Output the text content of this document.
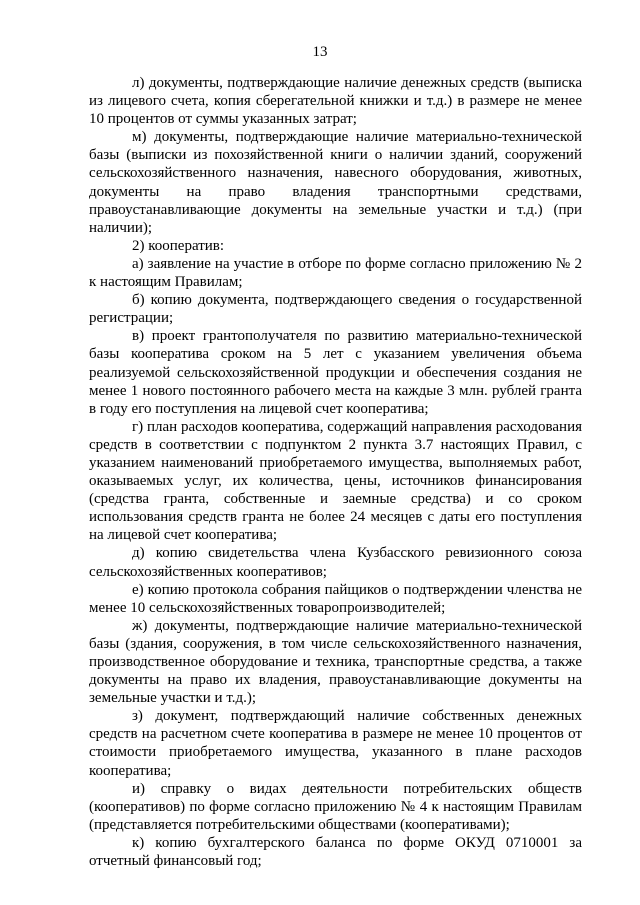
13

л) документы, подтверждающие наличие денежных средств (выписка из лицевого счета, копия сберегательной книжки и т.д.) в размере не менее 10 процентов от суммы указанных затрат;

м) документы, подтверждающие наличие материально-технической базы (выписки из похозяйственной книги о наличии зданий, сооружений сельскохозяйственного назначения, навесного оборудования, животных, документы на право владения транспортными средствами, правоустанавливающие документы на земельные участки и т.д.) (при наличии);

2) кооператив:

а) заявление на участие в отборе по форме согласно приложению № 2 к настоящим Правилам;

б) копию документа, подтверждающего сведения о государственной регистрации;

в) проект грантополучателя по развитию материально-технической базы кооператива сроком на 5 лет с указанием увеличения объема реализуемой сельскохозяйственной продукции и обеспечения создания не менее 1 нового постоянного рабочего места на каждые 3 млн. рублей гранта в году его поступления на лицевой счет кооператива;

г) план расходов кооператива, содержащий направления расходования средств в соответствии с подпунктом 2 пункта 3.7 настоящих Правил, с указанием наименований приобретаемого имущества, выполняемых работ, оказываемых услуг, их количества, цены, источников финансирования (средства гранта, собственные и заемные средства) и со сроком использования средств гранта не более 24 месяцев с даты его поступления на лицевой счет кооператива;

д) копию свидетельства члена Кузбасского ревизионного союза сельскохозяйственных кооперативов;

е) копию протокола собрания пайщиков о подтверждении членства не менее 10 сельскохозяйственных товаропроизводителей;

ж) документы, подтверждающие наличие материально-технической базы (здания, сооружения, в том числе сельскохозяйственного назначения, производственное оборудование и техника, транспортные средства, а также документы на право их владения, правоустанавливающие документы на земельные участки и т.д.);

з) документ, подтверждающий наличие собственных денежных средств на расчетном счете кооператива в размере не менее 10 процентов от стоимости приобретаемого имущества, указанного в плане расходов кооператива;

и) справку о видах деятельности потребительских обществ (кооперативов) по форме согласно приложению № 4 к настоящим Правилам (представляется потребительскими обществами (кооперативами);

к) копию бухгалтерского баланса по форме ОКУД 0710001 за отчетный финансовый год;
